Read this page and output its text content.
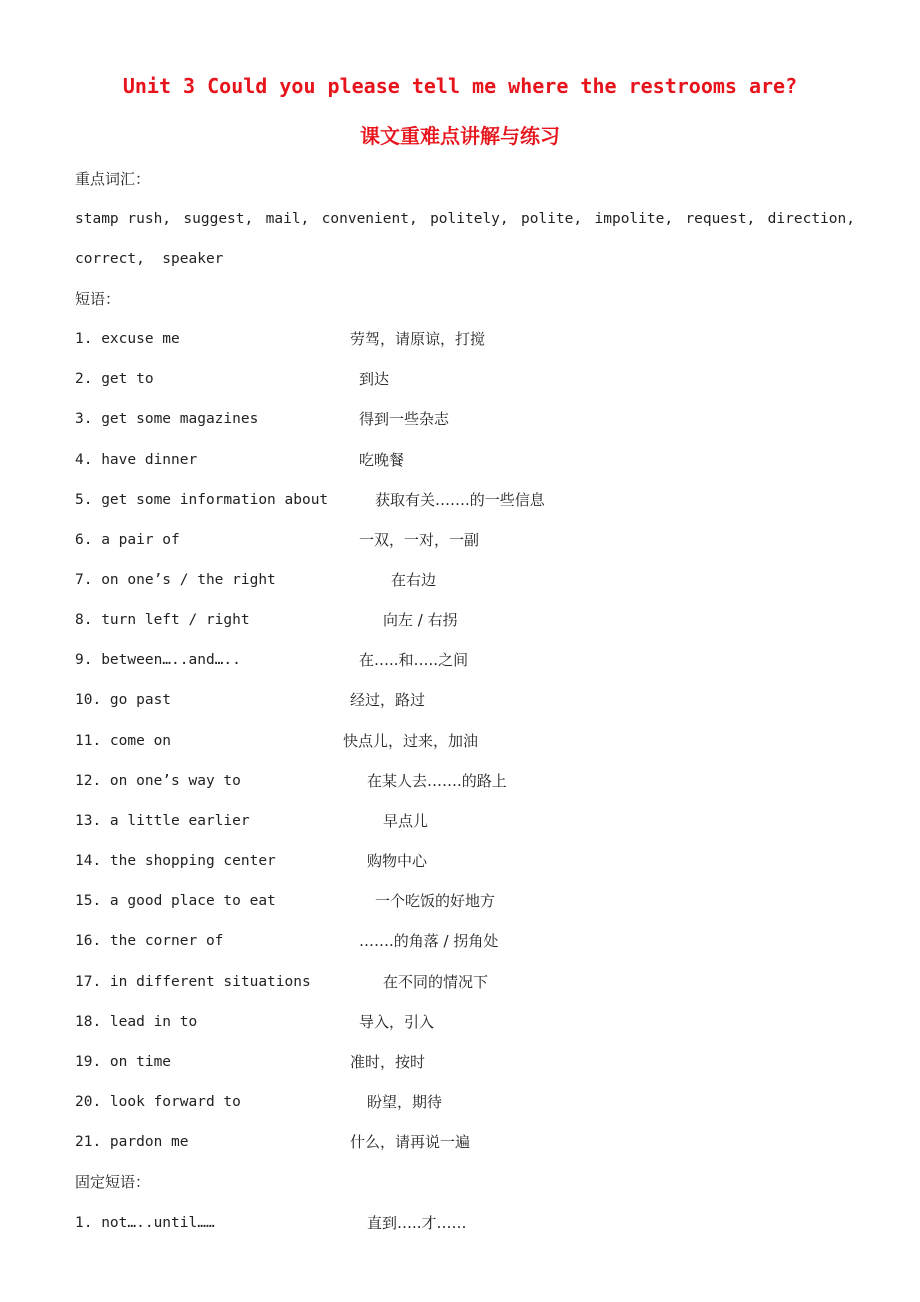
Unit 3 Could you please tell me where the restrooms are?
课文重难点讲解与练习
重点词汇：
stamp rush, suggest, mail, convenient, politely, polite, impolite, request, direction,
correct,  speaker
短语：
1. excuse me	劳驾，请原谅，打搅
2. get to	到达
3. get some magazines	得到一些杂志
4. have dinner	吃晚餐
5. get some information about	获取有关…….的一些信息
6. a pair of	一双，一对，一副
7. on one’s / the right	在右边
8. turn left / right	向左 / 右拐
9. between…..and…..	在…..和…..之间
10. go past	经过，路过
11. come on	快点儿，过来，加油
12. on one’s way to	在某人去…….的路上
13. a little earlier	早点儿
14. the shopping center	购物中心
15. a good place to eat	一个吃饭的好地方
16. the corner of	…….的角落 / 拐角处
17. in different situations	在不同的情况下
18. lead in to	导入，引入
19. on time	准时，按时
20. look forward to	盼望，期待
21. pardon me	什么，请再说一遍
固定短语：
1. not…..until……	直到…..才……
